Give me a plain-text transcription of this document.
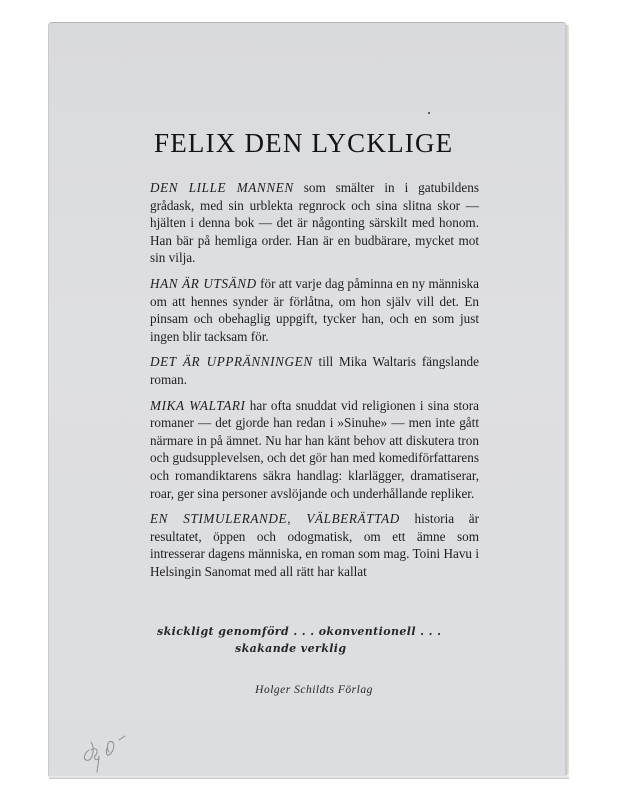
FELIX DEN LYCKLIGE

DEN LILLE MANNEN som smälter in i gatubildens grådask, med sin urblekta regnrock och sina slitna skor — hjälten i denna bok — det är någonting särskilt med honom. Han bär på hemliga order. Han är en budbärare, mycket mot sin vilja.

HAN ÄR UTSÄND för att varje dag påminna en ny människa om att hennes synder är förlåtna, om hon själv vill det. En pinsam och obehaglig uppgift, tycker han, och en som just ingen blir tacksam för.

DET ÄR UPPRÄNNINGEN till Mika Waltaris fängslande roman.

MIKA WALTARI har ofta snuddat vid religionen i sina stora romaner — det gjorde han redan i »Sinuhe» — men inte gått närmare in på ämnet. Nu har han känt behov att diskutera tron och gudsupplevelsen, och det gör han med komediförfattarens och romandiktarens säkra handlag: klarlägger, dramatiserar, roar, ger sina personer avslöjande och underhållande repliker.

EN STIMULERANDE, VÄLBERÄTTAD historia är resultatet, öppen och odogmatisk, om ett ämne som intresserar dagens människa, en roman som mag. Toini Havu i Helsingin Sanomat med all rätt har kallat

skickligt genomförd . . . okonventionell . . .
skakande verklig
Holger Schildts Förlag
